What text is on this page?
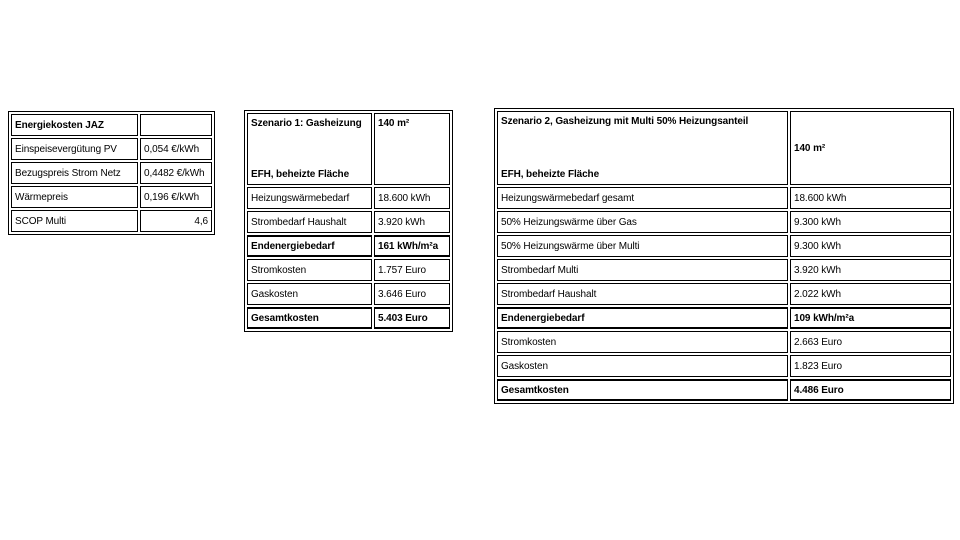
Energiekosten JAZ	
Einspeisevergütung PV	0,054 €/kWh
Bezugspreis Strom Netz	0,4482 €/kWh
Wärmepreis	0,196 €/kWh
SCOP Multi	4,6
Szenario 1: Gasheizung
EFH, beheizte Fläche	140 m²
Heizungswärmebedarf	18.600 kWh
Strombedarf Haushalt	3.920 kWh
Endenergiebedarf	161 kWh/m²a
Stromkosten	1.757 Euro
Gaskosten	3.646 Euro
Gesamtkosten	5.403 Euro
Szenario 2, Gasheizung mit Multi 50% Heizungsanteil
EFH, beheizte Fläche	140 m²
Heizungswärmebedarf gesamt	18.600 kWh
50% Heizungswärme über Gas	9.300 kWh
50% Heizungswärme über Multi	9.300 kWh
Strombedarf Multi	3.920 kWh
Strombedarf Haushalt	2.022 kWh
Endenergiebedarf	109 kWh/m²a
Stromkosten	2.663 Euro
Gaskosten	1.823 Euro
Gesamtkosten	4.486 Euro
